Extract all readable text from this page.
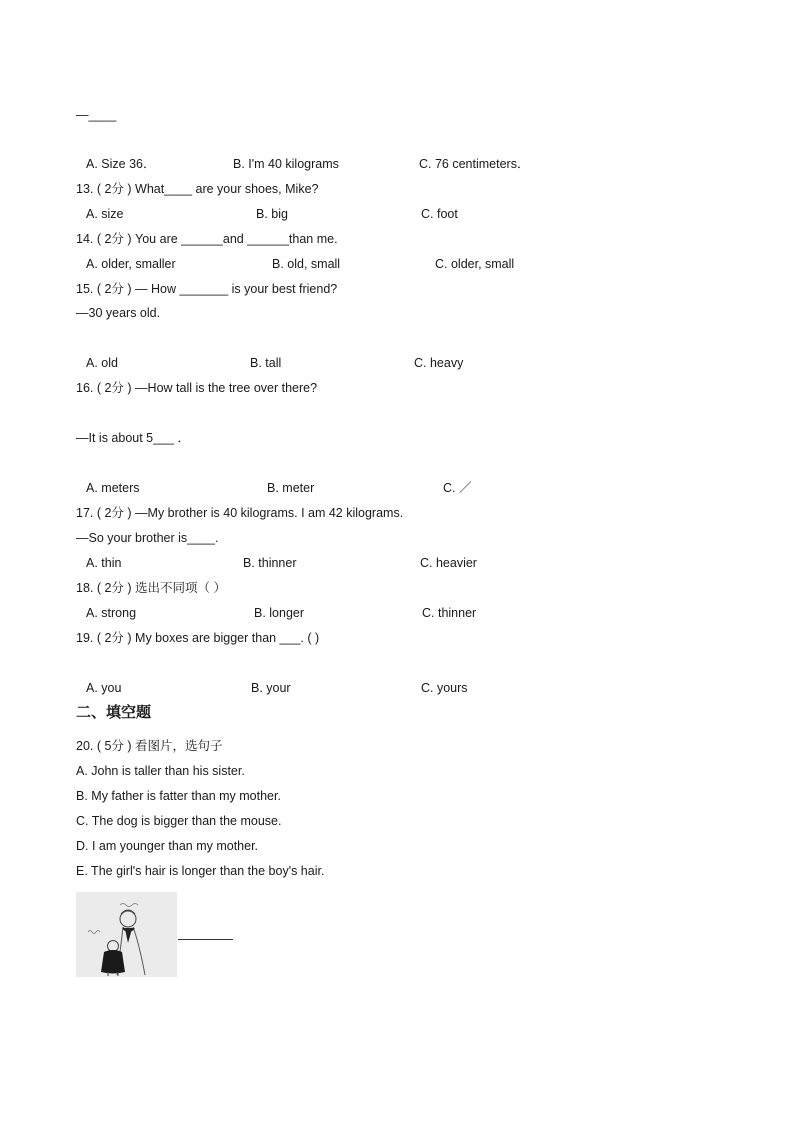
—____
A. Size 36．	B. I'm 40 kilograms	C. 76 centimeters．
13. ( 2分 ) What____ are your shoes, Mike?
A. size	B. big	C. foot
14. ( 2分 ) You are ______and ______than me.
A. older, smaller	B. old, small	C. older, small
15. ( 2分 ) — How _______ is your best friend?
—30 years old.
A. old	B. tall	C. heavy
16. ( 2分 ) —How tall is the tree over there?
—It is about 5___ ．
A. meters	B. meter	C. ／
17. ( 2分 ) —My brother is 40 kilograms. I am 42 kilograms.
—So your brother is____.
A. thin	B. thinner	C. heavier
18. ( 2分 ) 选出不同项（ ）
A. strong	B. longer	C. thinner
19. ( 2分 ) My boxes are bigger than ___. ( )
A. you	B. your	C. yours
二、填空题
20. ( 5分 ) 看图片，选句子
A. John is taller than his sister.
B. My father is fatter than my mother.
C. The dog is bigger than the mouse.
D. I am younger than my mother.
E. The girl's hair is longer than the boy's hair.
